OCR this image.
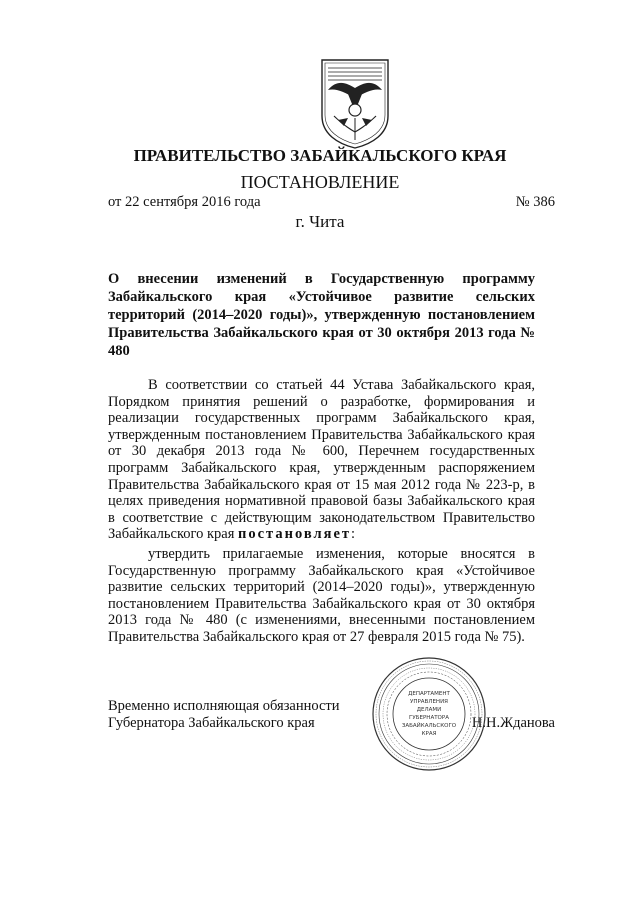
ПРАВИТЕЛЬСТВО ЗАБАЙКАЛЬСКОГО КРАЯ
ПОСТАНОВЛЕНИЕ
от 22 сентября 2016 года	№ 386
г. Чита
О внесении изменений в Государственную программу Забайкальского края «Устойчивое развитие сельских территорий (2014–2020 годы)», утвержденную постановлением Правительства Забайкальского края от 30 октября 2013 года № 480
В соответствии со статьей 44 Устава Забайкальского края, Порядком принятия решений о разработке, формирования и реализации государственных программ Забайкальского края, утвержденным постановлением Правительства Забайкальского края от 30 декабря 2013 года № 600, Перечнем государственных программ Забайкальского края, утвержденным распоряжением Правительства Забайкальского края от 15 мая 2012 года № 223-р, в целях приведения нормативной правовой базы Забайкальского края в соответствие с действующим законодательством Правительство Забайкальского края постановляет:
утвердить прилагаемые изменения, которые вносятся в Государственную программу Забайкальского края «Устойчивое развитие сельских территорий (2014–2020 годы)», утвержденную постановлением Правительства Забайкальского края от 30 октября 2013 года № 480 (с изменениями, внесенными постановлением Правительства Забайкальского края от 27 февраля 2015 года № 75).
Временно исполняющая обязанности
Губернатора Забайкальского края	Н.Н.Жданова
ДЕПАРТАМЕНТ
УПРАВЛЕНИЯ
ДЕЛАМИ
ГУБЕРНАТОРА
ЗАБАЙКАЛЬСКОГО
КРАЯ
